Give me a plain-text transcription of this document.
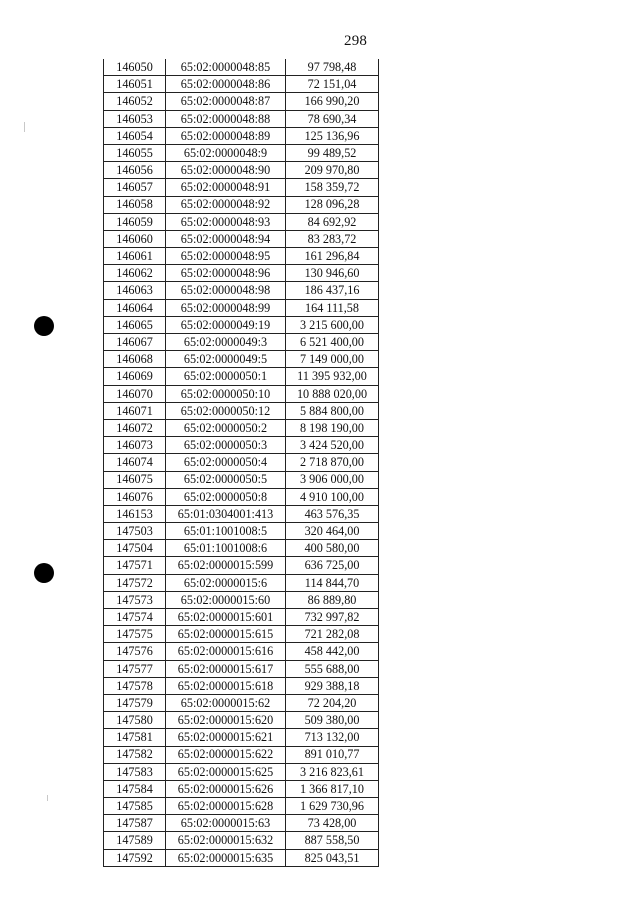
298
146050	65:02:0000048:85	97 798,48
146051	65:02:0000048:86	72 151,04
146052	65:02:0000048:87	166 990,20
146053	65:02:0000048:88	78 690,34
146054	65:02:0000048:89	125 136,96
146055	65:02:0000048:9	99 489,52
146056	65:02:0000048:90	209 970,80
146057	65:02:0000048:91	158 359,72
146058	65:02:0000048:92	128 096,28
146059	65:02:0000048:93	84 692,92
146060	65:02:0000048:94	83 283,72
146061	65:02:0000048:95	161 296,84
146062	65:02:0000048:96	130 946,60
146063	65:02:0000048:98	186 437,16
146064	65:02:0000048:99	164 111,58
146065	65:02:0000049:19	3 215 600,00
146067	65:02:0000049:3	6 521 400,00
146068	65:02:0000049:5	7 149 000,00
146069	65:02:0000050:1	11 395 932,00
146070	65:02:0000050:10	10 888 020,00
146071	65:02:0000050:12	5 884 800,00
146072	65:02:0000050:2	8 198 190,00
146073	65:02:0000050:3	3 424 520,00
146074	65:02:0000050:4	2 718 870,00
146075	65:02:0000050:5	3 906 000,00
146076	65:02:0000050:8	4 910 100,00
146153	65:01:0304001:413	463 576,35
147503	65:01:1001008:5	320 464,00
147504	65:01:1001008:6	400 580,00
147571	65:02:0000015:599	636 725,00
147572	65:02:0000015:6	114 844,70
147573	65:02:0000015:60	86 889,80
147574	65:02:0000015:601	732 997,82
147575	65:02:0000015:615	721 282,08
147576	65:02:0000015:616	458 442,00
147577	65:02:0000015:617	555 688,00
147578	65:02:0000015:618	929 388,18
147579	65:02:0000015:62	72 204,20
147580	65:02:0000015:620	509 380,00
147581	65:02:0000015:621	713 132,00
147582	65:02:0000015:622	891 010,77
147583	65:02:0000015:625	3 216 823,61
147584	65:02:0000015:626	1 366 817,10
147585	65:02:0000015:628	1 629 730,96
147587	65:02:0000015:63	73 428,00
147589	65:02:0000015:632	887 558,50
147592	65:02:0000015:635	825 043,51
